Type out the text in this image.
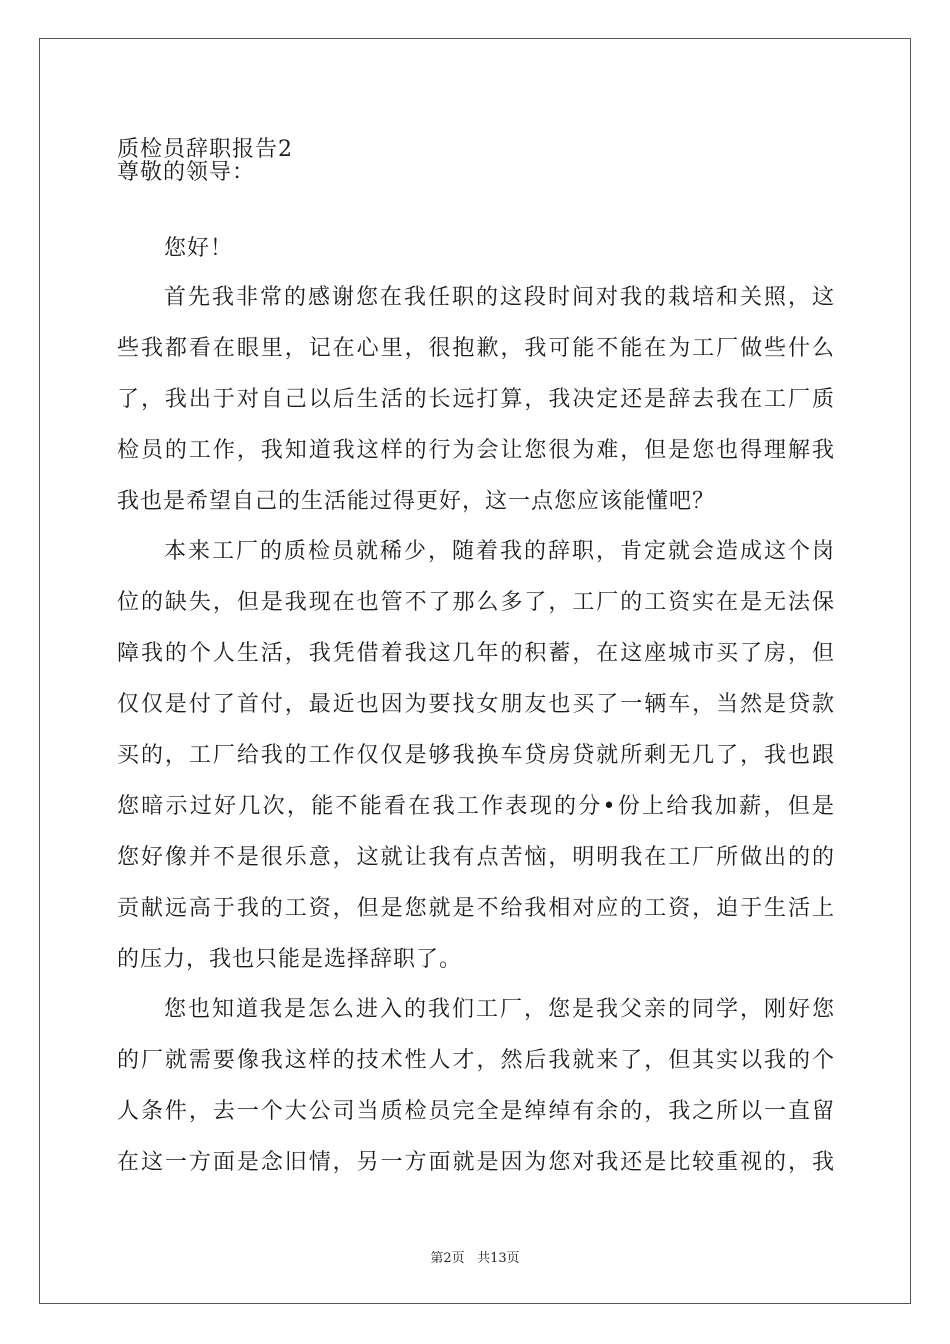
质检员辞职报告2
尊敬的领导：
您好！
首先我非常的感谢您在我任职的这段时间对我的栽培和关照，这
些我都看在眼里，记在心里，很抱歉，我可能不能在为工厂做些什么
了，我出于对自己以后生活的长远打算，我决定还是辞去我在工厂质
检员的工作，我知道我这样的行为会让您很为难，但是您也得理解我
我也是希望自己的生活能过得更好，这一点您应该能懂吧？
本来工厂的质检员就稀少，随着我的辞职，肯定就会造成这个岗
位的缺失，但是我现在也管不了那么多了，工厂的工资实在是无法保
障我的个人生活，我凭借着我这几年的积蓄，在这座城市买了房，但
仅仅是付了首付，最近也因为要找女朋友也买了一辆车，当然是贷款
买的，工厂给我的工作仅仅是够我换车贷房贷就所剩无几了，我也跟
您暗示过好几次，能不能看在我工作表现的分•份上给我加薪，但是
您好像并不是很乐意，这就让我有点苦恼，明明我在工厂所做出的的
贡献远高于我的工资，但是您就是不给我相对应的工资，迫于生活上
的压力，我也只能是选择辞职了。
您也知道我是怎么进入的我们工厂，您是我父亲的同学，刚好您
的厂就需要像我这样的技术性人才，然后我就来了，但其实以我的个
人条件，去一个大公司当质检员完全是绰绰有余的，我之所以一直留
在这一方面是念旧情，另一方面就是因为您对我还是比较重视的，我
第2页 共13页
